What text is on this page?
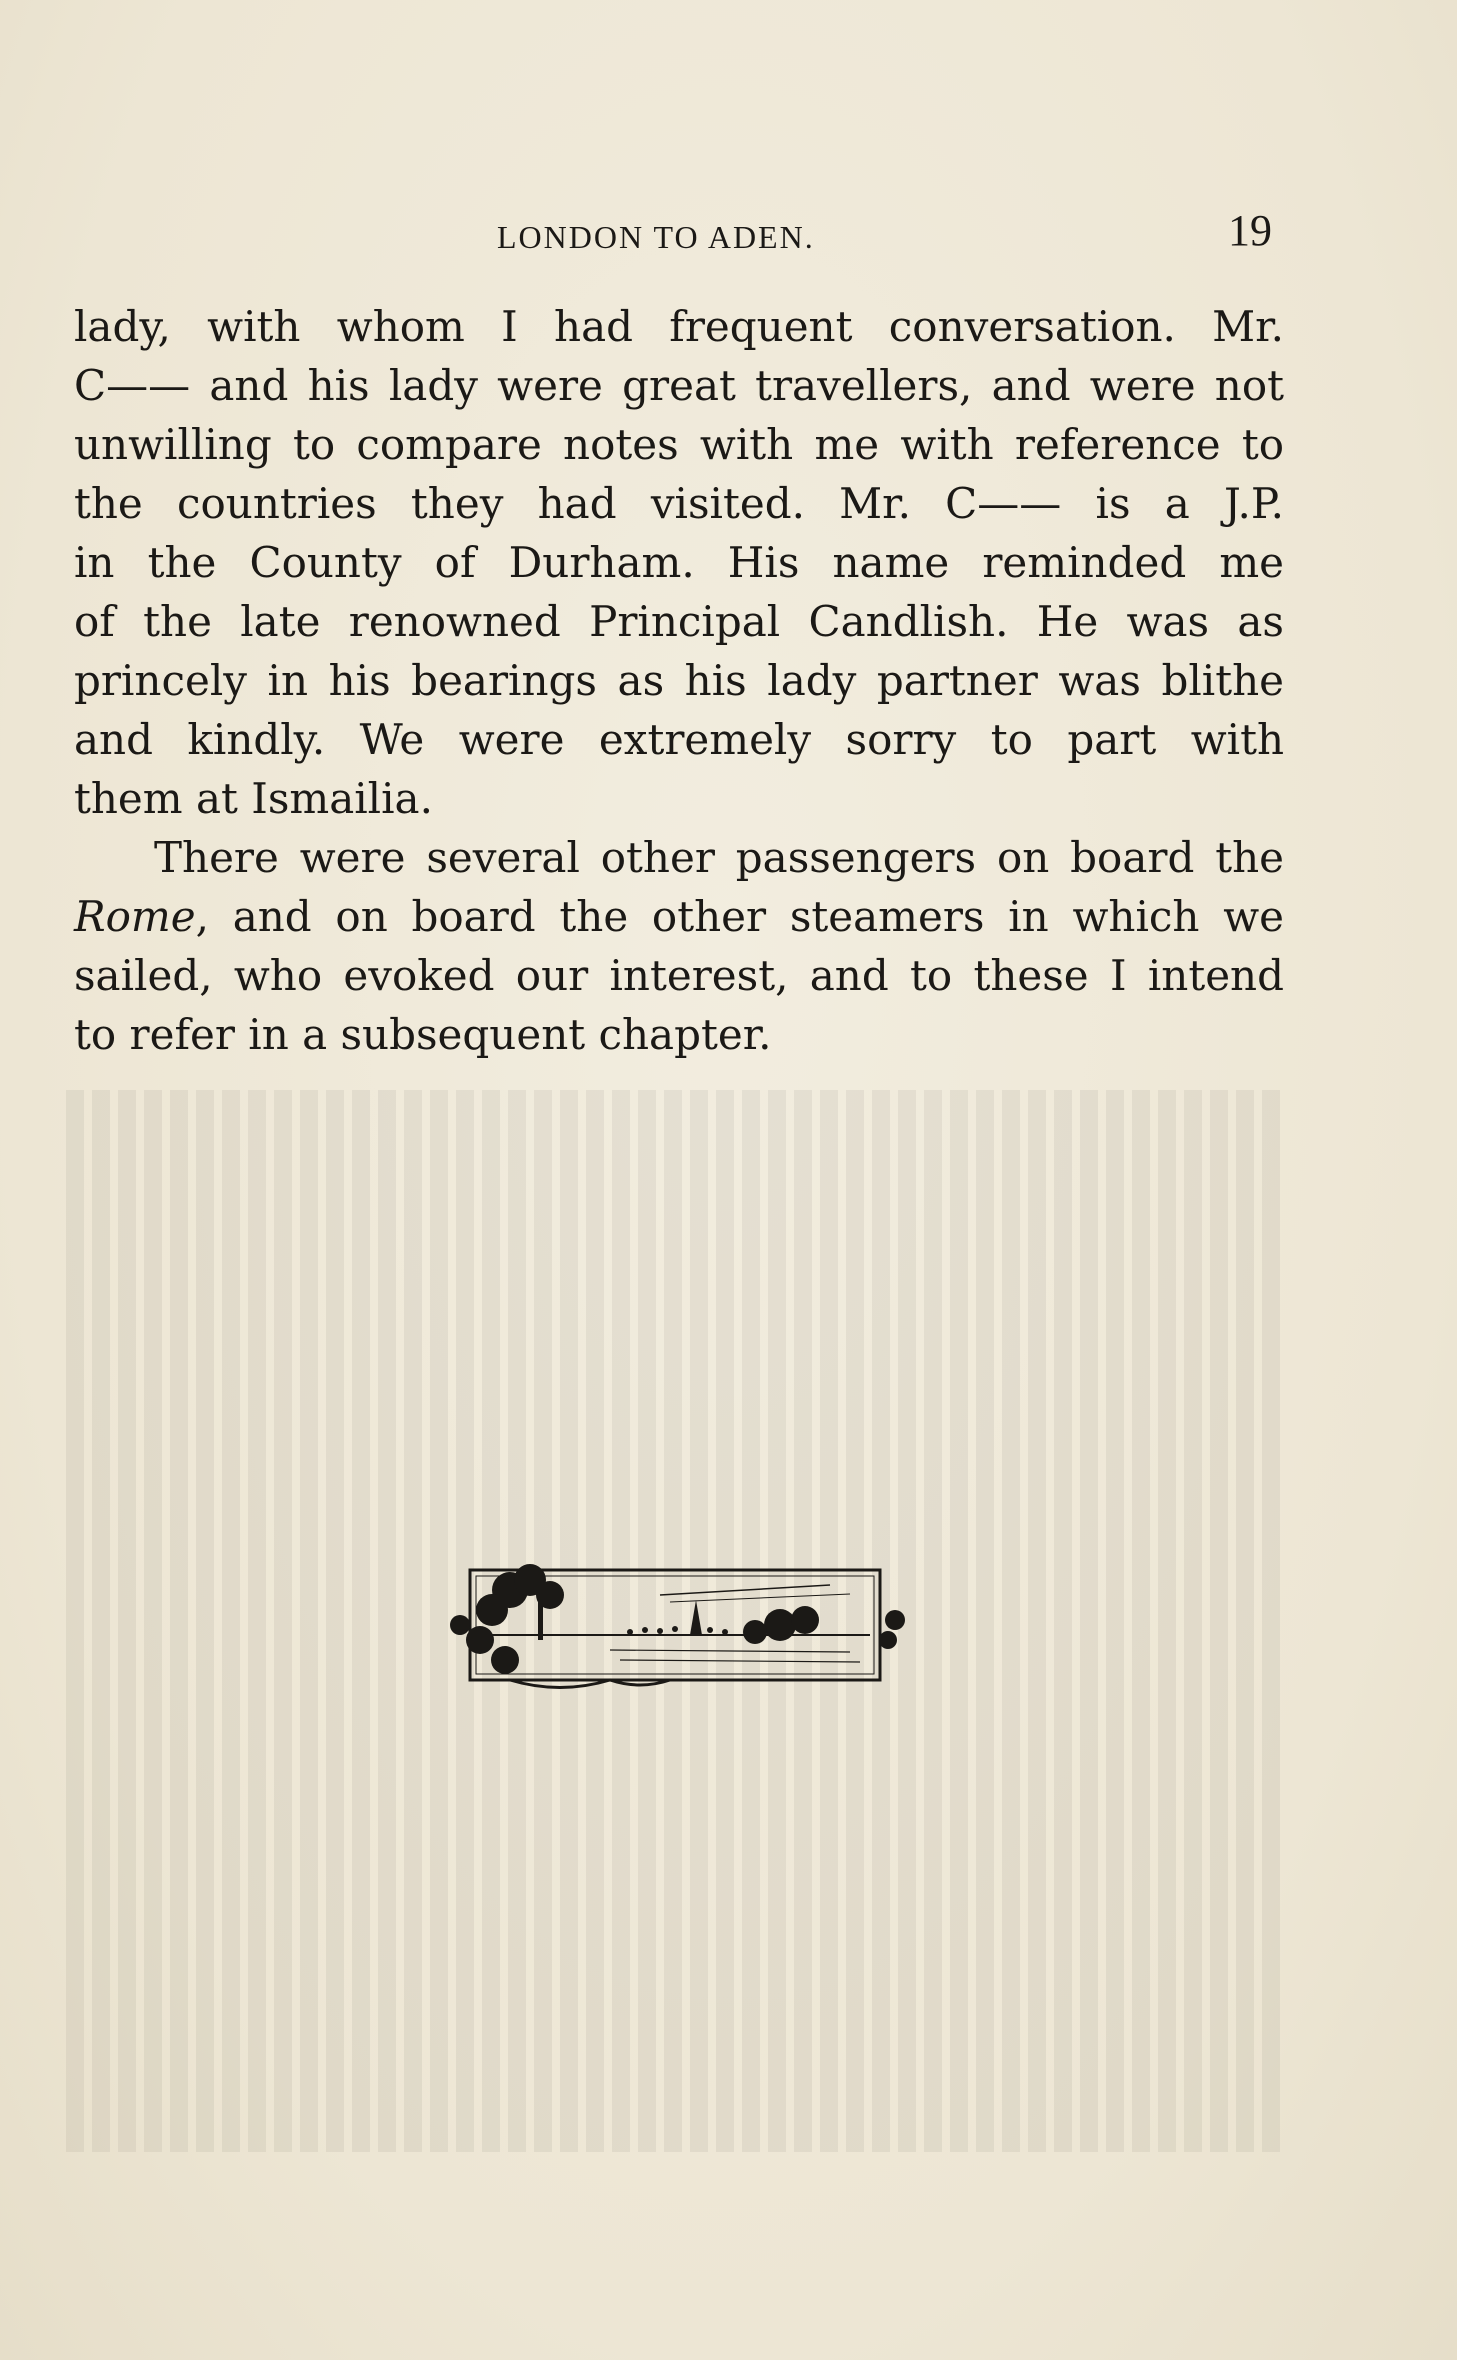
LONDON TO ADEN.	19
lady, with whom I had frequent conversation. Mr.
C—— and his lady were great travellers, and were not
unwilling to compare notes with me with reference to
the countries they had visited. Mr. C—— is a J.P.
in the County of Durham. His name reminded me
of the late renowned Principal Candlish. He was as
princely in his bearings as his lady partner was blithe
and kindly. We were extremely sorry to part with
them at Ismailia.
There were several other passengers on board the
Rome, and on board the other steamers in which we
sailed, who evoked our interest, and to these I intend
to refer in a subsequent chapter.
